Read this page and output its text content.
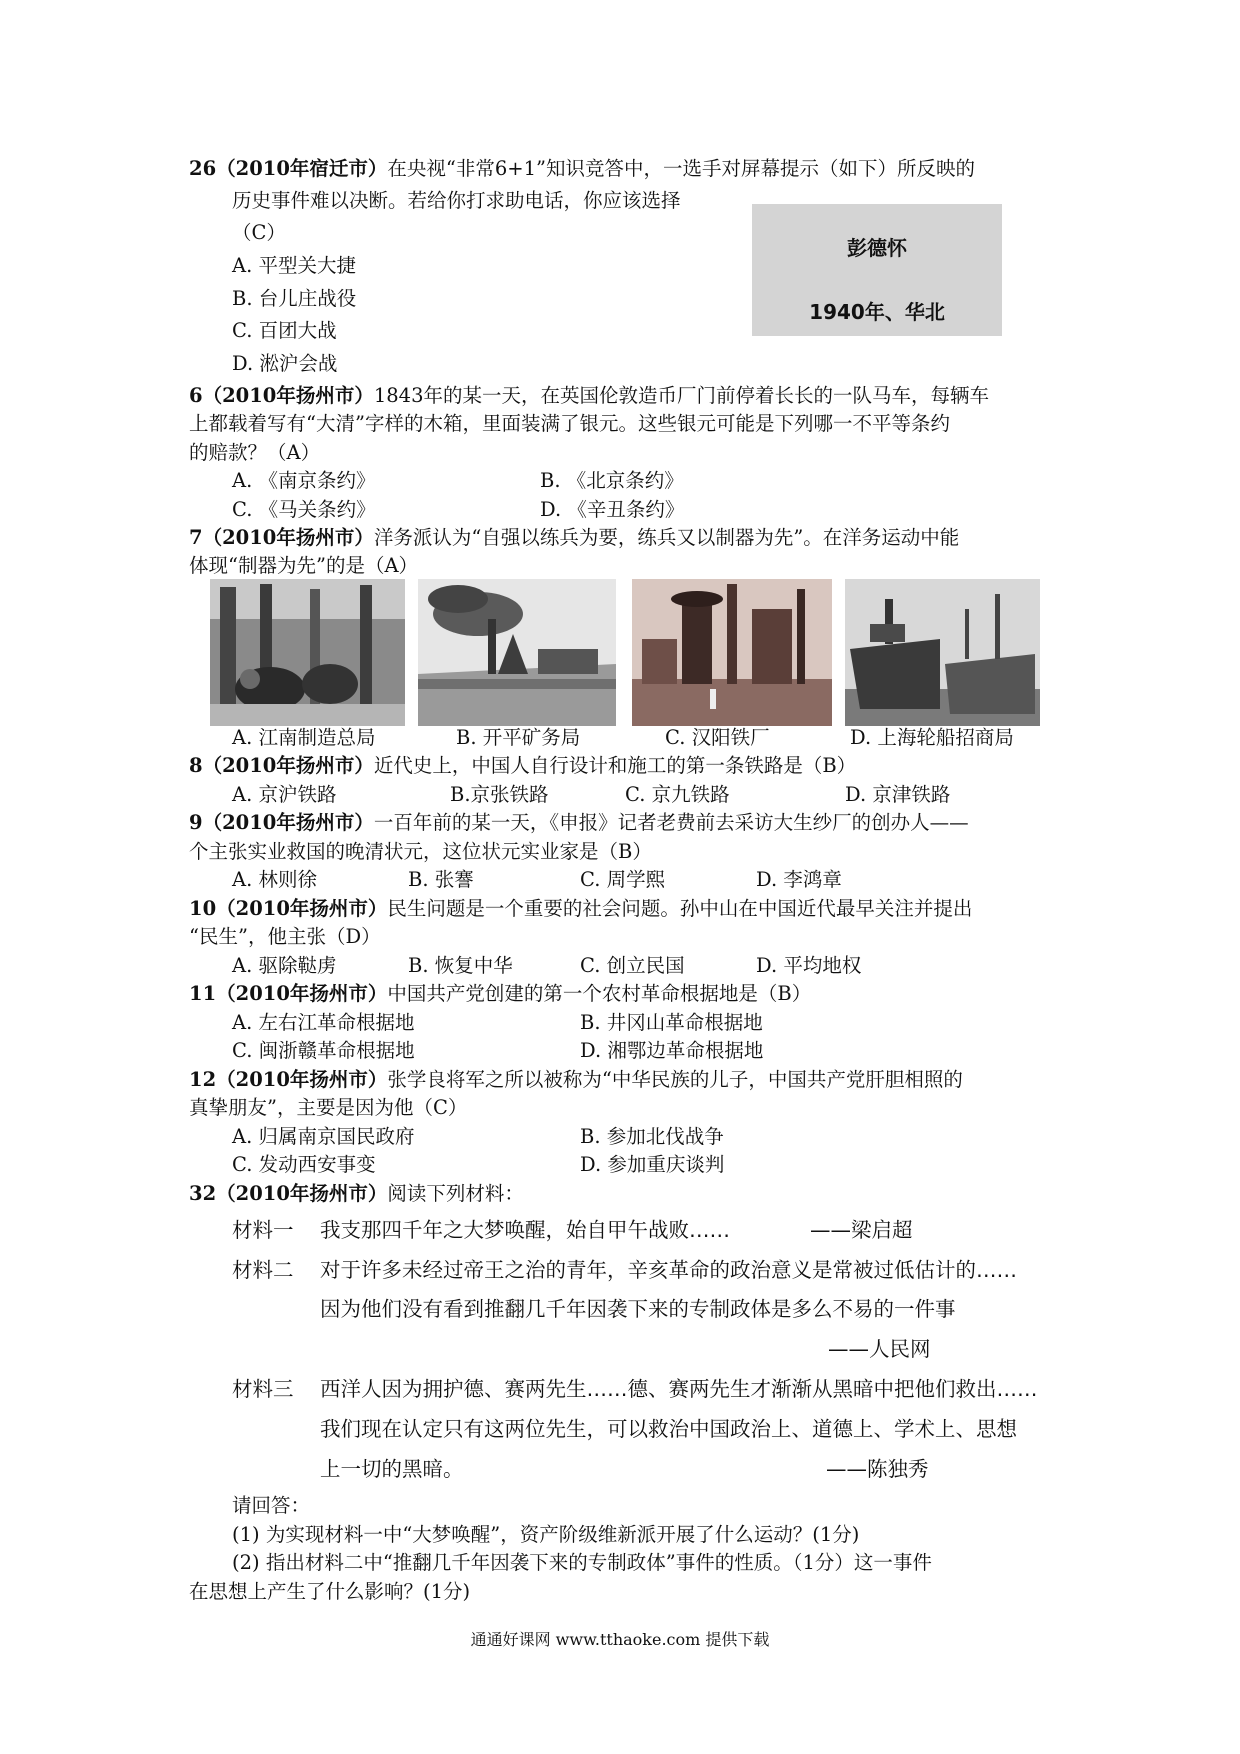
26（2010年宿迁市）在央视“非常6+1”知识竞答中，一选手对屏幕提示（如下）所反映的
历史事件难以决断。若给你打求助电话，你应该选择
（C）
A. 平型关大捷
B. 台儿庄战役
C. 百团大战
D. 淞沪会战
彭德怀
1940年、华北
6（2010年扬州市）1843年的某一天，在英国伦敦造币厂门前停着长长的一队马车，每辆车
上都载着写有“大清”字样的木箱，里面装满了银元。这些银元可能是下列哪一不平等条约
的赔款？（A）
A. 《南京条约》	B. 《北京条约》
C. 《马关条约》	D. 《辛丑条约》
7（2010年扬州市）洋务派认为“自强以练兵为要，练兵又以制器为先”。在洋务运动中能
体现“制器为先”的是（A）
A. 江南制造总局	B. 开平矿务局	C. 汉阳铁厂	D. 上海轮船招商局
8（2010年扬州市）近代史上，中国人自行设计和施工的第一条铁路是（B）
A. 京沪铁路	B.京张铁路	C. 京九铁路	D. 京津铁路
9（2010年扬州市）一百年前的某一天，《申报》记者老费前去采访大生纱厂的创办人——
个主张实业救国的晚清状元，这位状元实业家是（B）
A. 林则徐	B. 张謇	C. 周学熙	D. 李鸿章
10（2010年扬州市）民生问题是一个重要的社会问题。孙中山在中国近代最早关注并提出
“民生”，他主张（D）
A. 驱除鞑虏	B. 恢复中华	C. 创立民国	D. 平均地权
11（2010年扬州市）中国共产党创建的第一个农村革命根据地是（B）
A. 左右江革命根据地	B. 井冈山革命根据地
C. 闽浙赣革命根据地	D. 湘鄂边革命根据地
12（2010年扬州市）张学良将军之所以被称为“中华民族的儿子，中国共产党肝胆相照的
真挚朋友”，主要是因为他（C）
A. 归属南京国民政府	B. 参加北伐战争
C. 发动西安事变	D. 参加重庆谈判
32（2010年扬州市）阅读下列材料：
材料一 我支那四千年之大梦唤醒，始自甲午战败……	——梁启超
材料二 对于许多未经过帝王之治的青年，辛亥革命的政治意义是常被过低估计的……
因为他们没有看到推翻几千年因袭下来的专制政体是多么不易的一件事
——人民网
材料三 西洋人因为拥护德、赛两先生……德、赛两先生才渐渐从黑暗中把他们救出……
我们现在认定只有这两位先生，可以救治中国政治上、道德上、学术上、思想
上一切的黑暗。	——陈独秀
请回答：
(1) 为实现材料一中“大梦唤醒”，资产阶级维新派开展了什么运动？(1分)
(2) 指出材料二中“推翻几千年因袭下来的专制政体”事件的性质。（1分）这一事件
在思想上产生了什么影响？(1分)
通通好课网 www.tthaoke.com 提供下载
